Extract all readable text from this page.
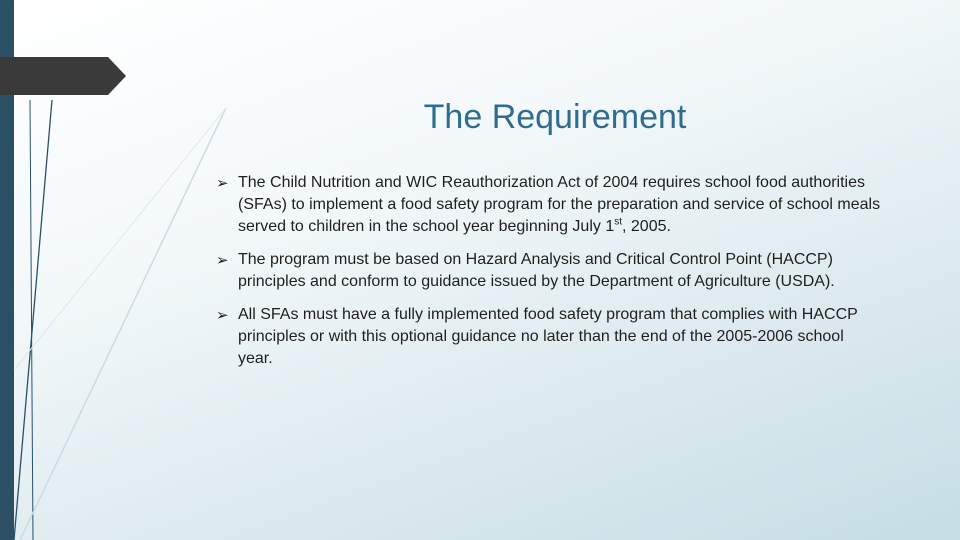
The Requirement
➢ The Child Nutrition and WIC Reauthorization Act of 2004 requires school food authorities (SFAs) to implement a food safety program for the preparation and service of school meals served to children in the school year beginning July 1st, 2005.
➢ The program must be based on Hazard Analysis and Critical Control Point (HACCP) principles and conform to guidance issued by the Department of Agriculture (USDA).
➢ All SFAs must have a fully implemented food safety program that complies with HACCP principles or with this optional guidance no later than the end of the 2005-2006 school year.
